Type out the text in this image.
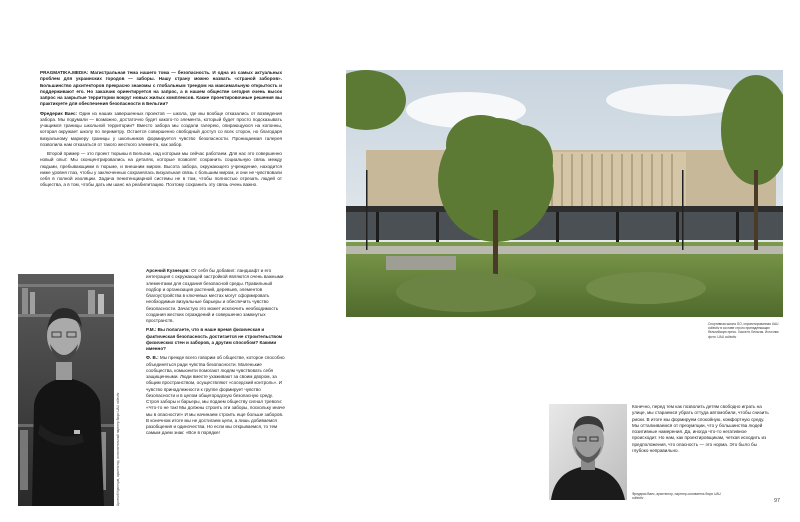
PRAGMATIKA.MEDIA: Магистральная тема нашего тома — безопасность. И одна из самых актуальных проблем для украинских городов — заборы. Нашу страну можно назвать «страной заборов». Большинство архитекторов прекрасно знакомы с глобальным трендом на максимальную открытость и поддерживают его. Но заказчик ориентируется на запрос, а в нашем обществе сегодня очень высок запрос на закрытые территории вокруг новых жилых комплексов. Какие проектировочные решения вы практикуете для обеспечения безопасности в Бельгии?

Фредерик Ваес: Один из наших завершенных проектов — школа, где мы вообще отказались от возведения забора. Мы подумали — возможно, достаточно будет какого-то элемента, который будет просто подсказывать учащимся границы школьной территории? Вместо забора мы создали галерею, опирающуюся на колонны, которая окружает школу по периметру. Остается совершенно свободный доступ со всех сторон, но благодаря визуальному маркеру границы у школьников формируется чувство безопасности. Проницаемая галерея позволила нам отказаться от такого жесткого элемента, как забор.

Второй пример — это проект тюрьмы в Бельгии, над которым мы сейчас работаем. Для нас это совершенно новый опыт. Мы сконцентрировались на деталях, которые позволят сохранить социальную связь между людьми, пребывающими в тюрьме, и внешним миром. Высота забора, окружающего учреждение, находится ниже уровня глаз, чтобы у заключенных сохранялась визуальная связь с большим миром, и они не чувствовали себя в полной изоляции. Задача пенитенциарной системы не в том, чтобы полностью отрезать людей от общества, а в том, чтобы дать им шанс на реабилитацию. Поэтому сохранить эту связь очень важно.

Арсений Кузнецов, архитектор, исполнительный партнер бюро UAU collectiv

Арсений Кузнецов: От себя бы добавил: ландшафт и его интеграция с окружающей застройкой являются очень важными элементами для создания безопасной среды. Правильный подбор и организация растений, деревьев, элементов благоустройства в ключевых местах могут сформировать необходимые визуальные барьеры и обеспечить чувство безопасности. Зачастую это может исключить необходимость создания жестких ограждений и совершенно замкнутых пространств.

P.M.: Вы полагаете, что в наше время физическая и фактическая безопасность достигается не строительством физических стен и заборов, а другим способом? Какими именно?

Ф. В.: Мы прежде всего говорим об обществе, которое способно объединяться ради чувства безопасности. Маленькие сообщества, комьюнити помогают людям чувствовать себя защищенными. Люди вместе ухаживают за своим двором, за общим пространством, осуществляют «соседский контроль». И чувство принадлежности к группе формирует чувство безопасности и в целом общегородскую безопасную среду. Строя заборы и барьеры, мы подаем обществу сигнал тревоги: «Что-то не так! Мы должны строить эти заборы, поскольку иначе мы в опасности!» И мы начинаем строить еще больше заборов. В конечном итоге мы не достигаем цели, а лишь добиваемся разобщения и одиночества. Но если мы открываемся, то тем самым даем знак: «Все в порядке!

Спортивная школа GO, спроектированная UAU collectiv в составе строго принадлежащих бельгийскую пресс. Хасселт, Бельгия. Источник фото: UAU collectiv
Фредерик Ваес, архитектор, партнер-основатель бюро UAU collectiv

Конечно, перед тем как позволить детям свободно играть на улице, мы стараемся убрать оттуда автомобили, чтобы снизить риски. В итоге мы формируем спокойную, комфортную среду. Мы отталкиваемся от презумпции, что у большинства людей позитивные намерения. Да, иногда что-то негативное происходит. Но нам, как проектировщикам, четкая исходить из предположения, что опасность — это норма. Это было бы глубоко неправильно.

97
